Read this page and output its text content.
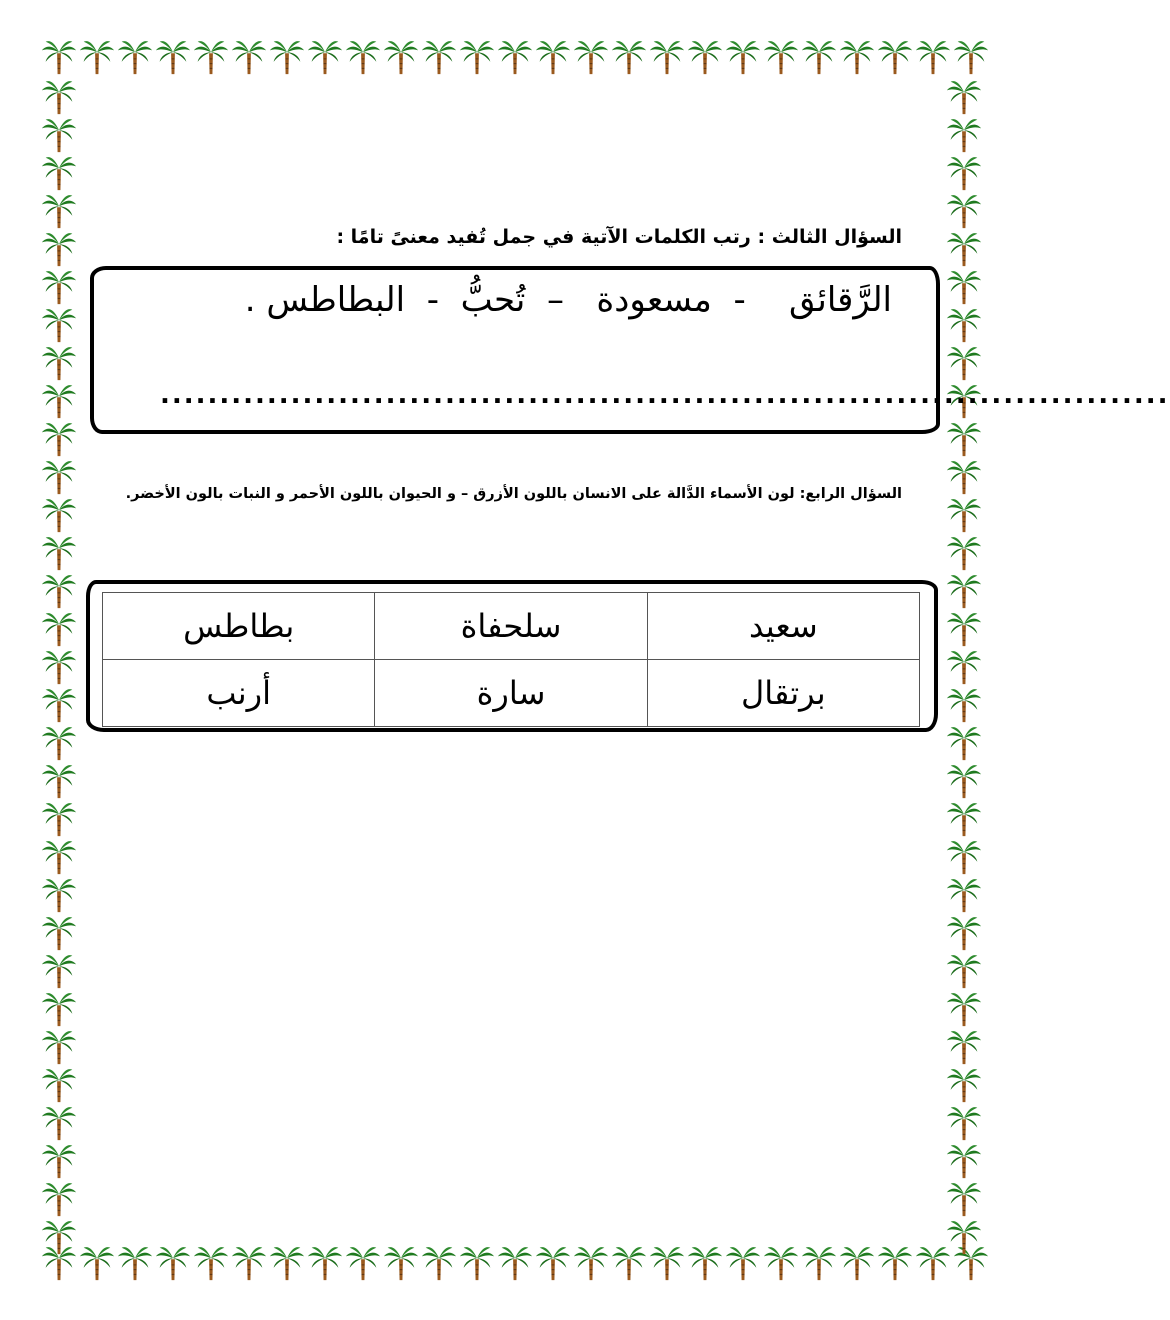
السؤال الثالث : رتب الكلمات الآتية في جمل تُفيد معنىً تامًا :
الرَّقائق    -  مسعودة   –  تُحبُّ  -  البطاطس .
.....................................................................................
السؤال الرابع: لون الأسماء الدَّالة على الانسان باللون الأزرق – و الحيوان باللون الأحمر و النبات بالون الأخضر.
سعيد	سلحفاة	بطاطس
برتقال	سارة	أرنب
